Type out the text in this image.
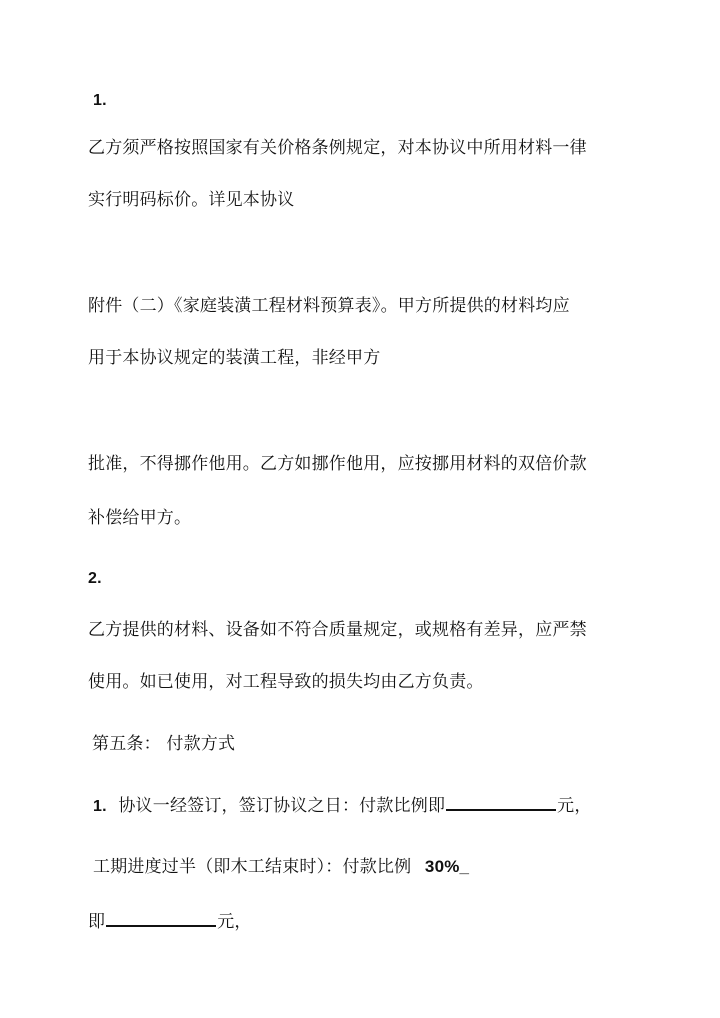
1.
乙方须严格按照国家有关价格条例规定，对本协议中所用材料一律
实行明码标价。详见本协议
附件（二）《家庭装潢工程材料预算表》。甲方所提供的材料均应
用于本协议规定的装潢工程，非经甲方
批准，不得挪作他用。乙方如挪作他用，应按挪用材料的双倍价款
补偿给甲方。
2.
乙方提供的材料、设备如不符合质量规定，或规格有差异，应严禁
使用。如已使用，对工程导致的损失均由乙方负责。
第五条： 付款方式
1. 协议一经签订，签订协议之日：付款比例即	元，
工期进度过半（即木工结束时）：付款比例 30%_
即	元，
